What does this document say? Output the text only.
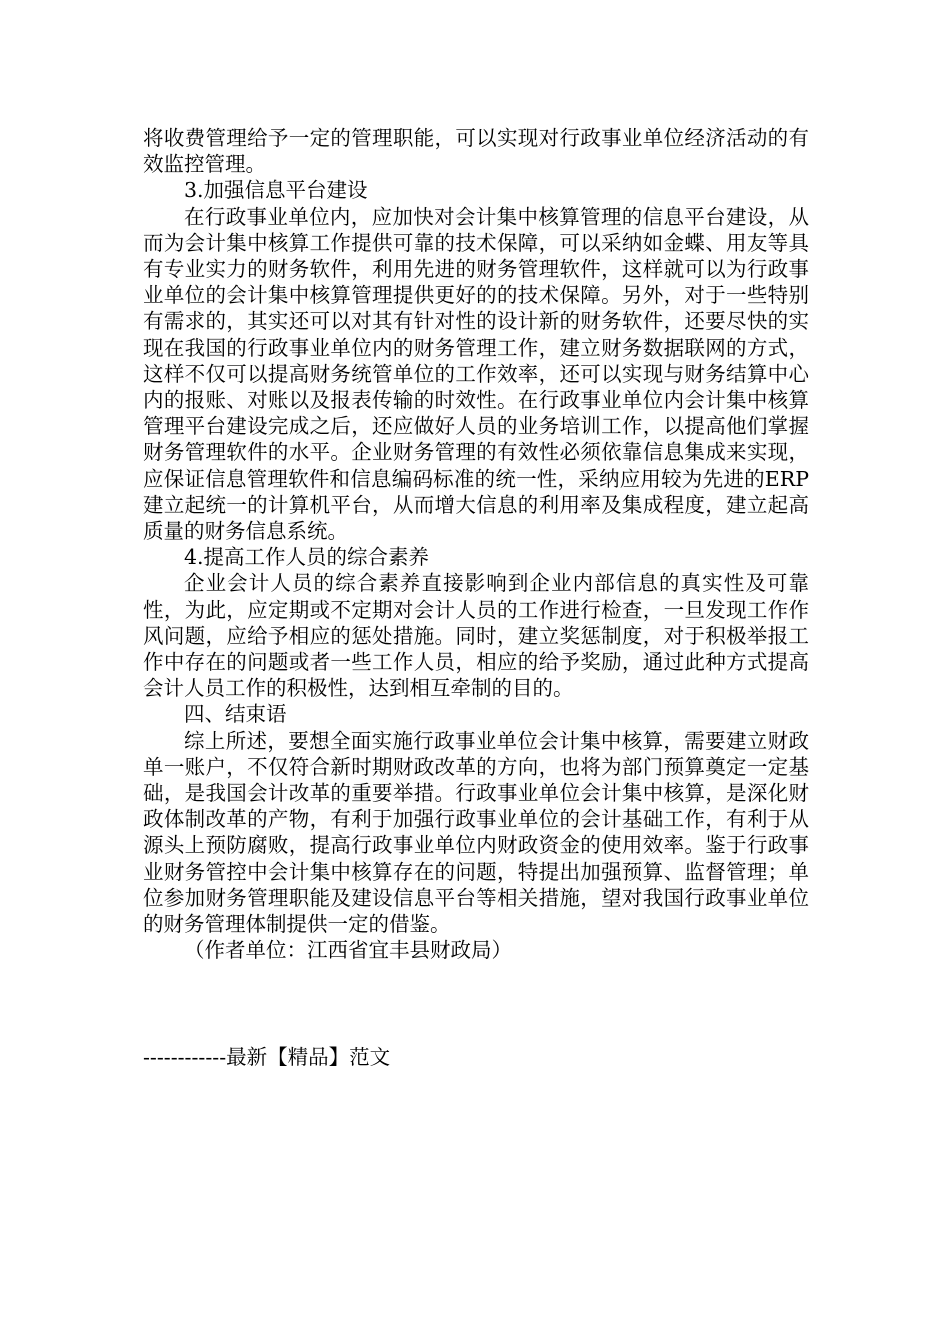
将收费管理给予一定的管理职能，可以实现对行政事业单位经济活动的有效监控管理。

3.加强信息平台建设

在行政事业单位内，应加快对会计集中核算管理的信息平台建设，从而为会计集中核算工作提供可靠的技术保障，可以采纳如金蝶、用友等具有专业实力的财务软件，利用先进的财务管理软件，这样就可以为行政事业单位的会计集中核算管理提供更好的的技术保障。另外，对于一些特别有需求的，其实还可以对其有针对性的设计新的财务软件，还要尽快的实现在我国的行政事业单位内的财务管理工作，建立财务数据联网的方式，这样不仅可以提高财务统管单位的工作效率，还可以实现与财务结算中心内的报账、对账以及报表传输的时效性。在行政事业单位内会计集中核算管理平台建设完成之后，还应做好人员的业务培训工作，以提高他们掌握财务管理软件的水平。企业财务管理的有效性必须依靠信息集成来实现，应保证信息管理软件和信息编码标准的统一性，采纳应用较为先进的ERP建立起统一的计算机平台，从而增大信息的利用率及集成程度，建立起高质量的财务信息系统。

4.提高工作人员的综合素养

企业会计人员的综合素养直接影响到企业内部信息的真实性及可靠性，为此，应定期或不定期对会计人员的工作进行检查，一旦发现工作作风问题，应给予相应的惩处措施。同时，建立奖惩制度，对于积极举报工作中存在的问题或者一些工作人员，相应的给予奖励，通过此种方式提高会计人员工作的积极性，达到相互牵制的目的。

四、结束语

综上所述，要想全面实施行政事业单位会计集中核算，需要建立财政单一账户，不仅符合新时期财政改革的方向，也将为部门预算奠定一定基础，是我国会计改革的重要举措。行政事业单位会计集中核算，是深化财政体制改革的产物，有利于加强行政事业单位的会计基础工作，有利于从源头上预防腐败，提高行政事业单位内财政资金的使用效率。鉴于行政事业财务管控中会计集中核算存在的问题，特提出加强预算、监督管理；单位参加财务管理职能及建设信息平台等相关措施，望对我国行政事业单位的财务管理体制提供一定的借鉴。

（作者单位：江西省宜丰县财政局）

------------最新【精品】范文
